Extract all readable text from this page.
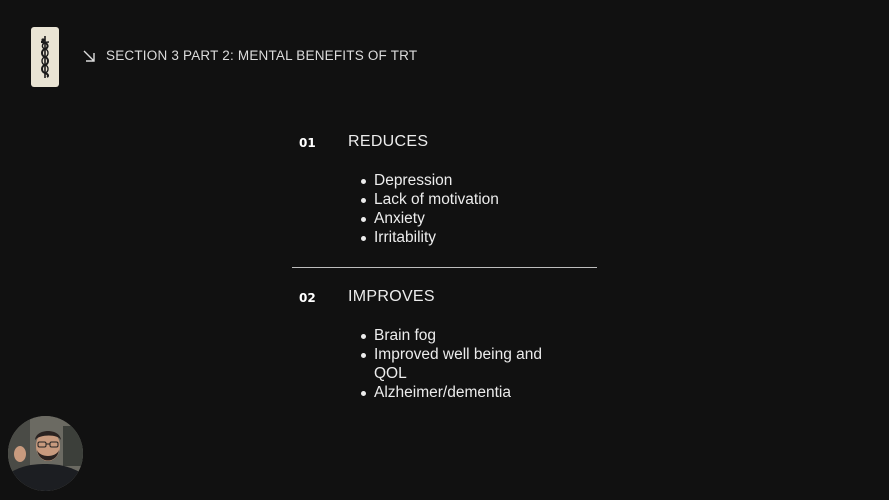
SECTION 3 PART 2: MENTAL BENEFITS OF TRT
01 REDUCES
Depression
Lack of motivation
Anxiety
Irritability
02 IMPROVES
Brain fog
Improved well being and QOL
Alzheimer/dementia
